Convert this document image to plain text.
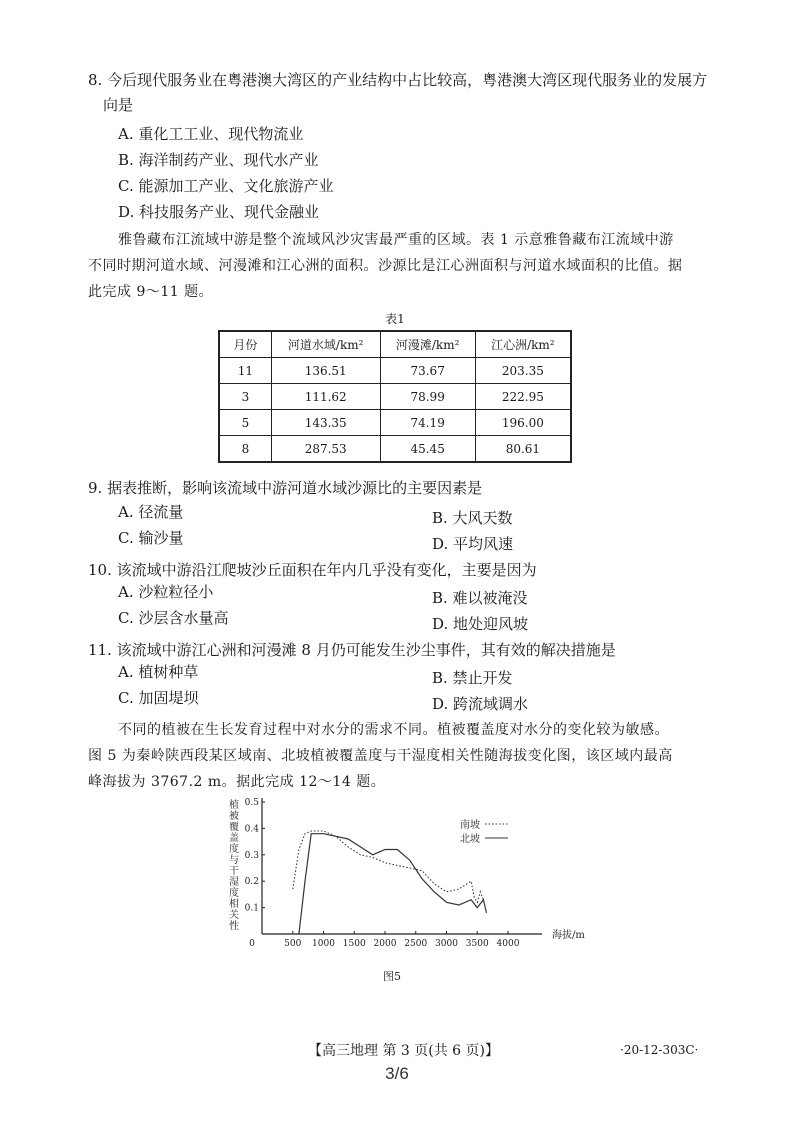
8. 今后现代服务业在粤港澳大湾区的产业结构中占比较高，粤港澳大湾区现代服务业的发展方
向是
A. 重化工工业、现代物流业
B. 海洋制药产业、现代水产业
C. 能源加工产业、文化旅游产业
D. 科技服务产业、现代金融业
雅鲁藏布江流域中游是整个流域风沙灾害最严重的区域。表 1 示意雅鲁藏布江流域中游
不同时期河道水域、河漫滩和江心洲的面积。沙源比是江心洲面积与河道水域面积的比值。据
此完成 9～11 题。
表1
月份	河道水域/km²	河漫滩/km²	江心洲/km²
11	136.51	73.67	203.35
3	111.62	78.99	222.95
5	143.35	74.19	196.00
8	287.53	45.45	80.61
9. 据表推断，影响该流域中游河道水域沙源比的主要因素是
A. 径流量	B. 大风天数
C. 输沙量	D. 平均风速
10. 该流域中游沿江爬坡沙丘面积在年内几乎没有变化，主要是因为
A. 沙粒粒径小	B. 难以被淹没
C. 沙层含水量高	D. 地处迎风坡
11. 该流域中游江心洲和河漫滩 8 月仍可能发生沙尘事件，其有效的解决措施是
A. 植树种草	B. 禁止开发
C. 加固堤坝	D. 跨流域调水
不同的植被在生长发育过程中对水分的需求不同。植被覆盖度对水分的变化较为敏感。
图 5 为秦岭陕西段某区域南、北坡植被覆盖度与干湿度相关性随海拔变化图，该区域内最高
峰海拔为 3767.2 m。据此完成 12～14 题。
植
被
覆
盖
度
与
干
湿
度
相
关
性
0	500 1000 1500 2000 2500 3000 3500 4000
0.1
0.2
0.3
0.4
0.5
南坡
北坡
海拔/m
图5
【高三地理 第 3 页(共 6 页)】	·20-12-303C·
3/6
